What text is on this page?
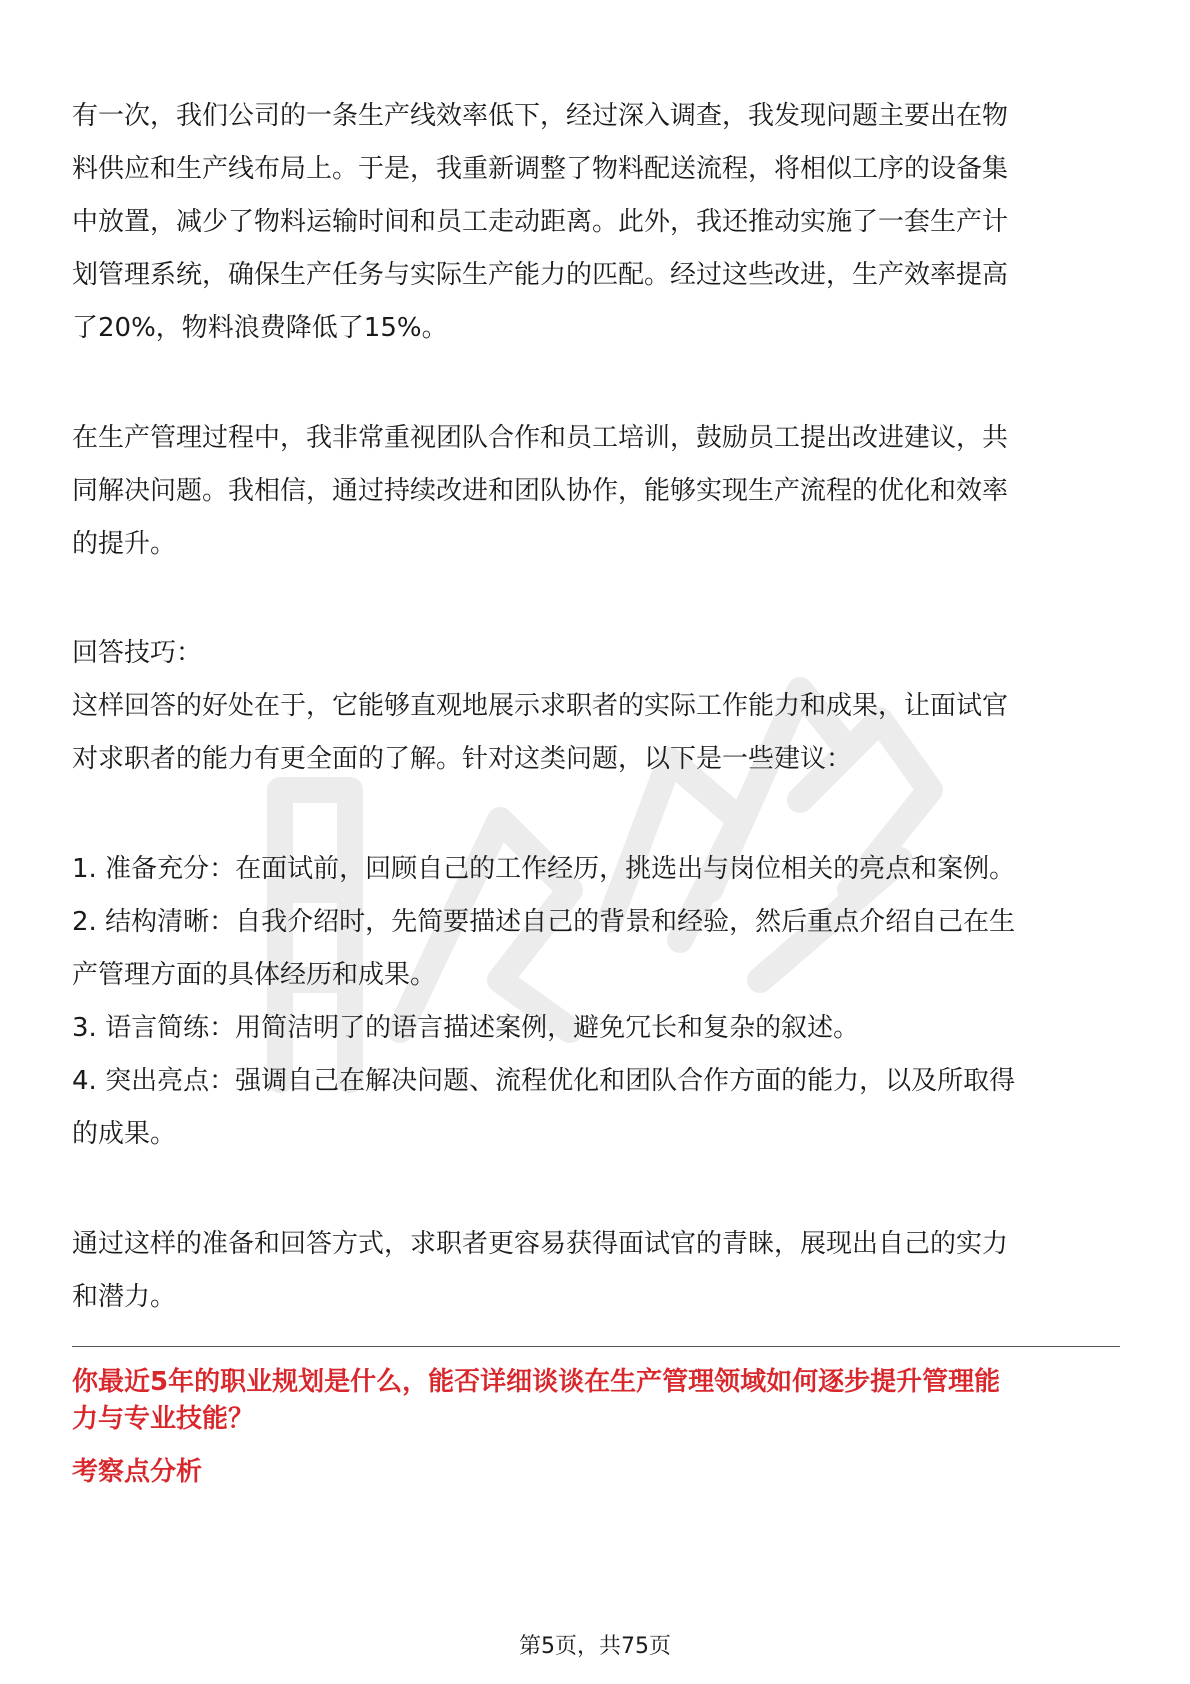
有一次，我们公司的一条生产线效率低下，经过深入调查，我发现问题主要出在物
料供应和生产线布局上。于是，我重新调整了物料配送流程，将相似工序的设备集
中放置，减少了物料运输时间和员工走动距离。此外，我还推动实施了一套生产计
划管理系统，确保生产任务与实际生产能力的匹配。经过这些改进，生产效率提高
了20%，物料浪费降低了15%。
在生产管理过程中，我非常重视团队合作和员工培训，鼓励员工提出改进建议，共
同解决问题。我相信，通过持续改进和团队协作，能够实现生产流程的优化和效率
的提升。
回答技巧：
这样回答的好处在于，它能够直观地展示求职者的实际工作能力和成果，让面试官
对求职者的能力有更全面的了解。针对这类问题，以下是一些建议：
1. 准备充分：在面试前，回顾自己的工作经历，挑选出与岗位相关的亮点和案例。
2. 结构清晰：自我介绍时，先简要描述自己的背景和经验，然后重点介绍自己在生
产管理方面的具体经历和成果。
3. 语言简练：用简洁明了的语言描述案例，避免冗长和复杂的叙述。
4. 突出亮点：强调自己在解决问题、流程优化和团队合作方面的能力，以及所取得
的成果。
通过这样的准备和回答方式，求职者更容易获得面试官的青睐，展现出自己的实力
和潜力。
你最近5年的职业规划是什么，能否详细谈谈在生产管理领域如何逐步提升管理能
力与专业技能？
考察点分析
第5页，共75页
